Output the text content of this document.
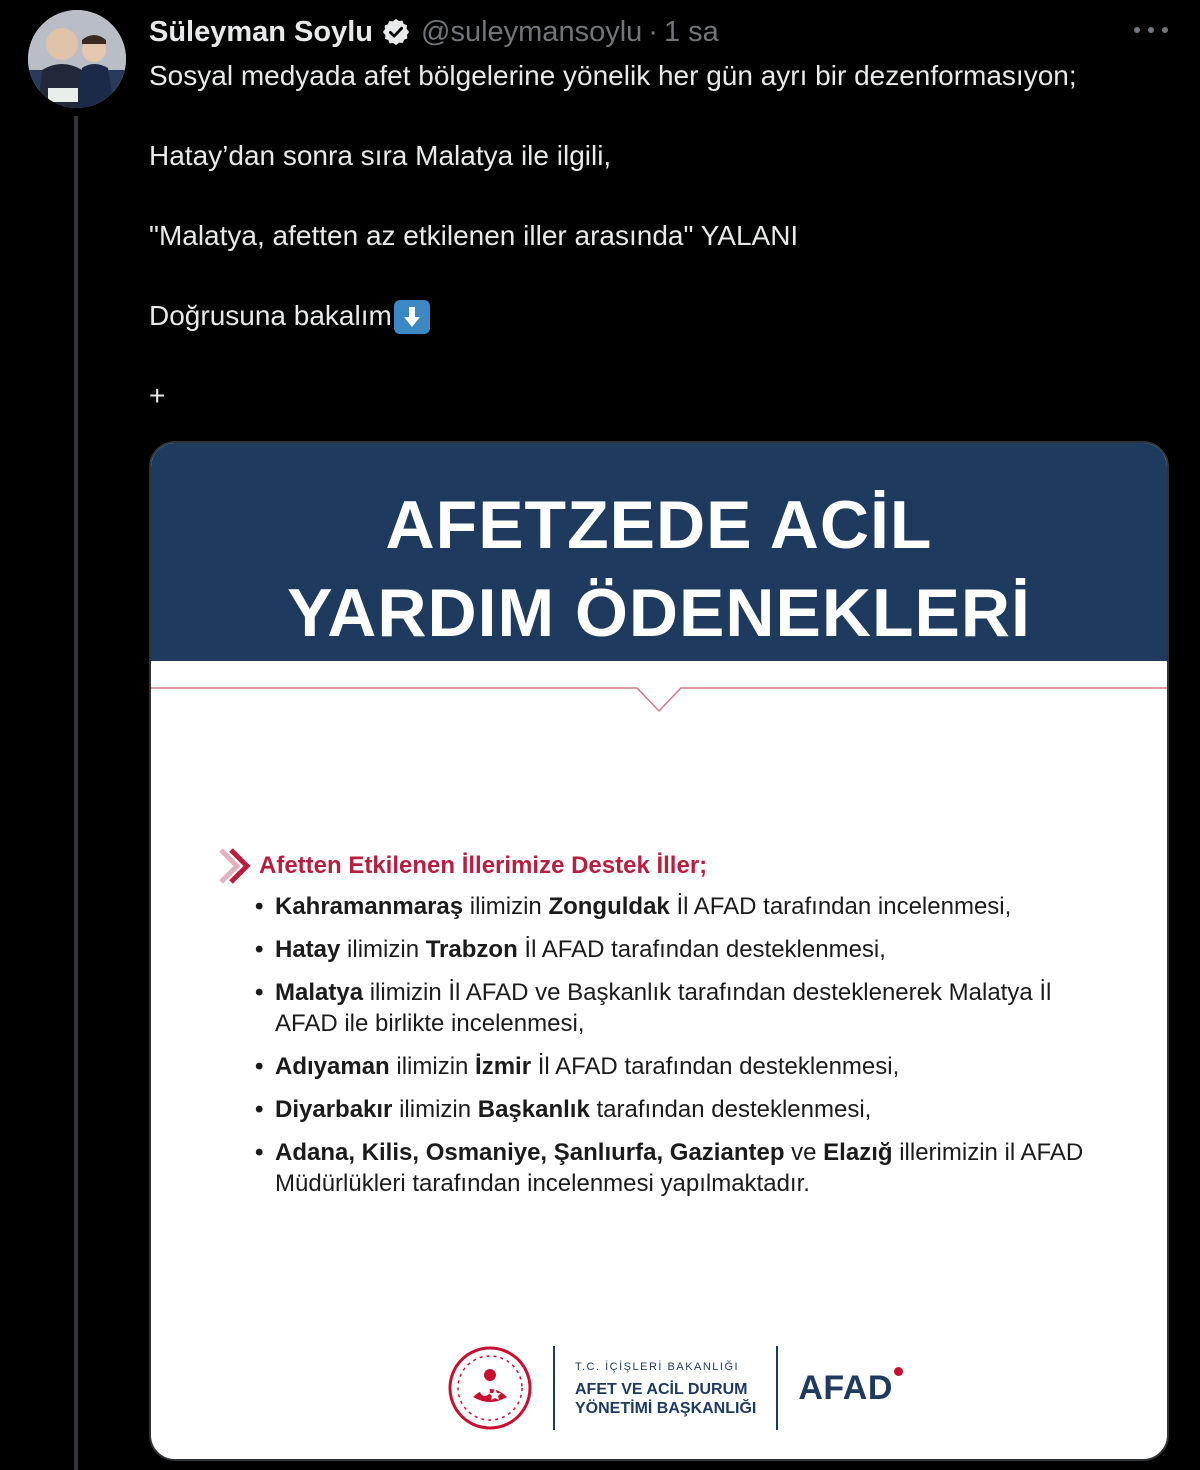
Süleyman Soylu @suleymansoylu · 1 sa

Sosyal medyada afet bölgelerine yönelik her gün ayrı bir dezenformasıyon;

Hatay’dan sonra sıra Malatya ile ilgili,

"Malatya, afetten az etkilenen iller arasında" YALANI

Doğrusuna bakalım

+

AFETZEDE ACİL
YARDIM ÖDENEKLERİ
Afetten Etkilenen İllerimize Destek İller;
• Kahramanmaraş ilimizin Zonguldak İl AFAD tarafından incelenmesi,
• Hatay ilimizin Trabzon İl AFAD tarafından desteklenmesi,
• Malatya ilimizin İl AFAD ve Başkanlık tarafından desteklenerek Malatya İl AFAD ile birlikte incelenmesi,
• Adıyaman ilimizin İzmir İl AFAD tarafından desteklenmesi,
• Diyarbakır ilimizin Başkanlık tarafından desteklenmesi,
• Adana, Kilis, Osmaniye, Şanlıurfa, Gaziantep ve Elazığ illerimizin il AFAD Müdürlükleri tarafından incelenmesi yapılmaktadır.
T.C. İÇİŞLERİ BAKANLIĞI
AFET VE ACİL DURUM
YÖNETİMİ BAŞKANLIĞI
AFAD
